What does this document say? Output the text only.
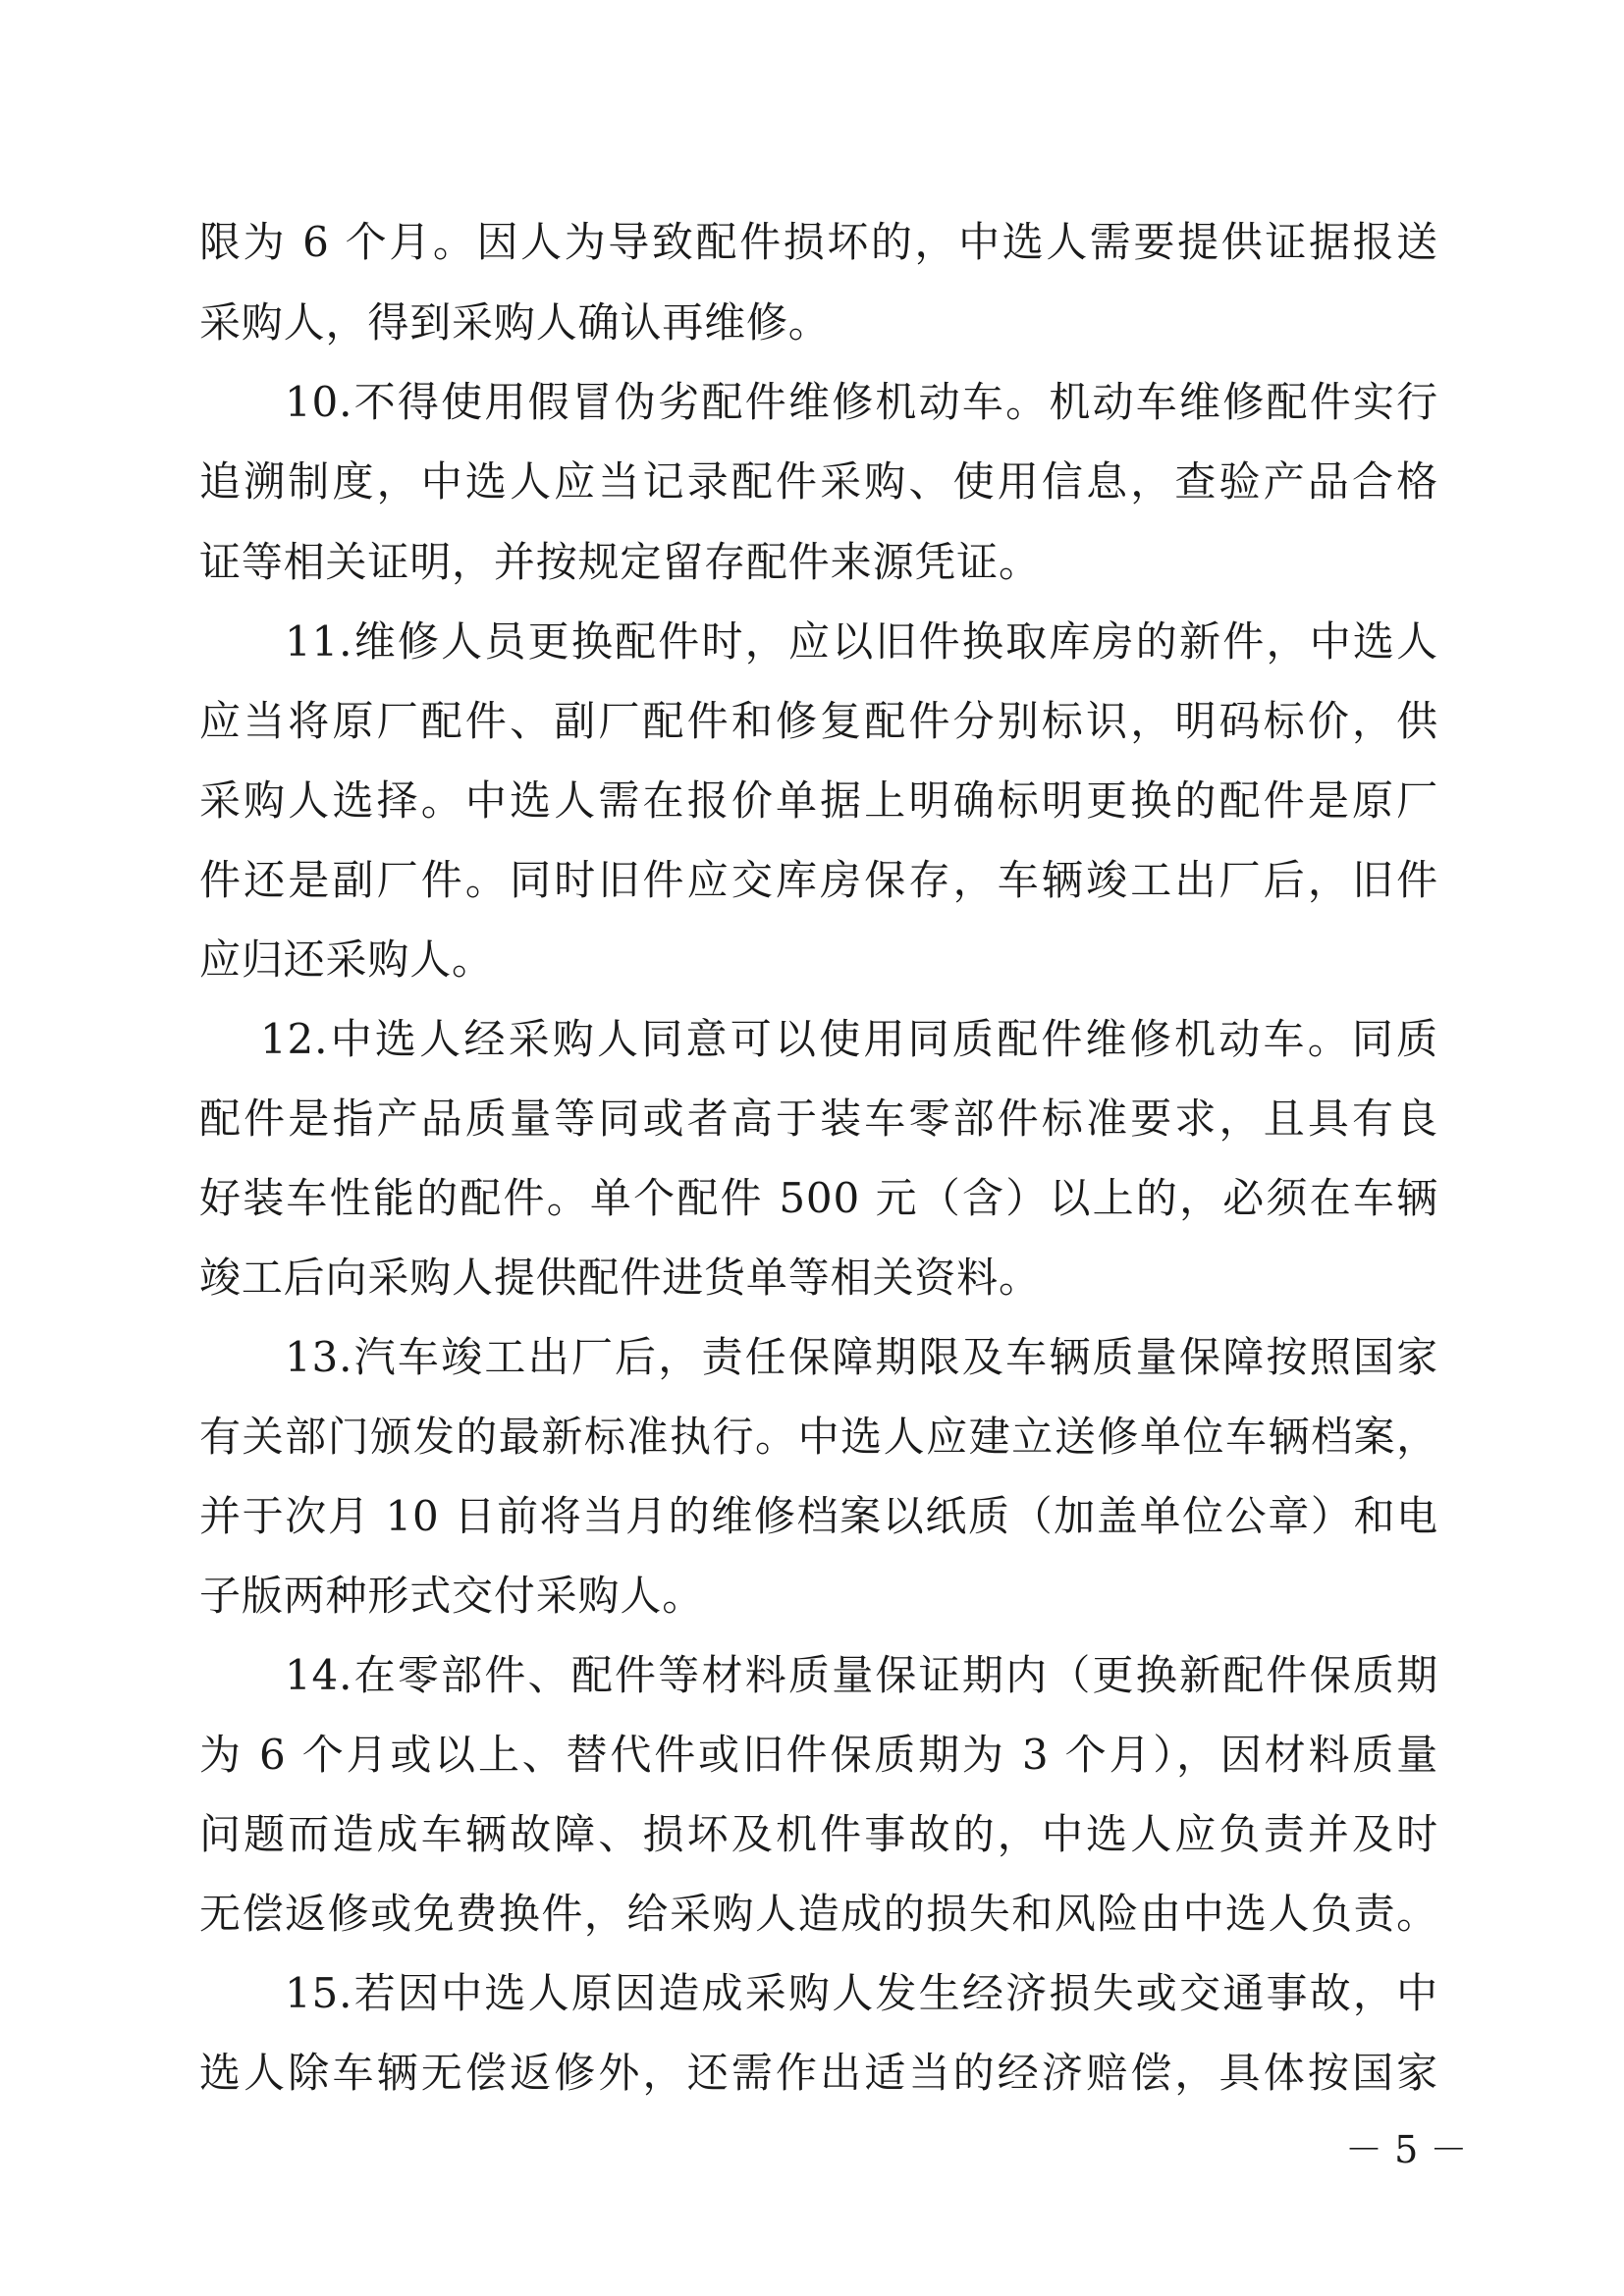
限为 6 个月。因人为导致配件损坏的，中选人需要提供证据报送
采购人，得到采购人确认再维修。
10.不得使用假冒伪劣配件维修机动车。机动车维修配件实行
追溯制度，中选人应当记录配件采购、使用信息，查验产品合格
证等相关证明，并按规定留存配件来源凭证。
11.维修人员更换配件时，应以旧件换取库房的新件，中选人
应当将原厂配件、副厂配件和修复配件分别标识，明码标价，供
采购人选择。中选人需在报价单据上明确标明更换的配件是原厂
件还是副厂件。同时旧件应交库房保存，车辆竣工出厂后，旧件
应归还采购人。
12.中选人经采购人同意可以使用同质配件维修机动车。同质
配件是指产品质量等同或者高于装车零部件标准要求，且具有良
好装车性能的配件。单个配件 500 元（含）以上的，必须在车辆
竣工后向采购人提供配件进货单等相关资料。
13.汽车竣工出厂后，责任保障期限及车辆质量保障按照国家
有关部门颁发的最新标准执行。中选人应建立送修单位车辆档案，
并于次月 10 日前将当月的维修档案以纸质（加盖单位公章）和电
子版两种形式交付采购人。
14.在零部件、配件等材料质量保证期内（更换新配件保质期
为 6 个月或以上、替代件或旧件保质期为 3 个月），因材料质量
问题而造成车辆故障、损坏及机件事故的，中选人应负责并及时
无偿返修或免费换件，给采购人造成的损失和风险由中选人负责。
15.若因中选人原因造成采购人发生经济损失或交通事故，中
选人除车辆无偿返修外，还需作出适当的经济赔偿，具体按国家
－ 5 －
